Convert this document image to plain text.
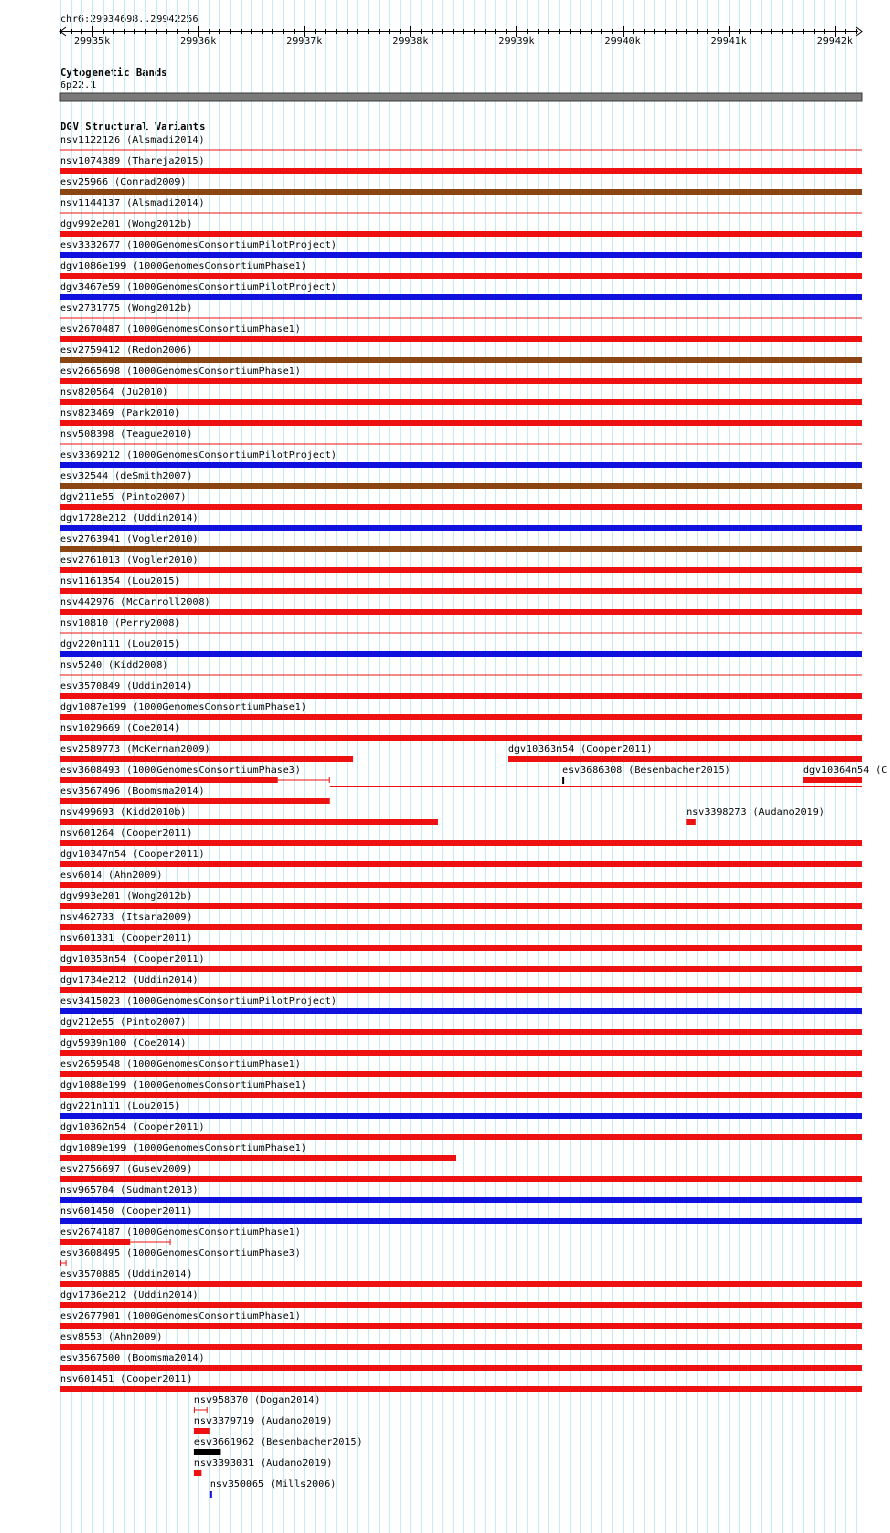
chr6:29934698..29942256
Cytogenetic Bands
6p22.1
DGV Structural Variants
29935k	29936k	29937k	29938k	29939k	29940k	29941k	29942k
nsv1122126 (Alsmadi2014)
nsv1074389 (Thareja2015)
esv25966 (Conrad2009)
nsv1144137 (Alsmadi2014)
dgv992e201 (Wong2012b)
esv3332677 (1000GenomesConsortiumPilotProject)
dgv1086e199 (1000GenomesConsortiumPhase1)
dgv3467e59 (1000GenomesConsortiumPilotProject)
esv2731775 (Wong2012b)
esv2670487 (1000GenomesConsortiumPhase1)
esv2759412 (Redon2006)
esv2665698 (1000GenomesConsortiumPhase1)
nsv820564 (Ju2010)
nsv823469 (Park2010)
nsv508398 (Teague2010)
esv3369212 (1000GenomesConsortiumPilotProject)
esv32544 (deSmith2007)
dgv211e55 (Pinto2007)
dgv1728e212 (Uddin2014)
esv2763941 (Vogler2010)
esv2761013 (Vogler2010)
nsv1161354 (Lou2015)
nsv442976 (McCarroll2008)
nsv10810 (Perry2008)
dgv220n111 (Lou2015)
nsv5240 (Kidd2008)
esv3570849 (Uddin2014)
dgv1087e199 (1000GenomesConsortiumPhase1)
nsv1029669 (Coe2014)
esv2589773 (McKernan2009)	dgv10363n54 (Cooper2011)
esv3608493 (1000GenomesConsortiumPhase3)	esv3686308 (Besenbacher2015)	dgv10364n54 (C
esv3567496 (Boomsma2014)
nsv499693 (Kidd2010b)	nsv3398273 (Audano2019)
nsv601264 (Cooper2011)
dgv10347n54 (Cooper2011)
esv6014 (Ahn2009)
dgv993e201 (Wong2012b)
nsv462733 (Itsara2009)
nsv601331 (Cooper2011)
dgv10353n54 (Cooper2011)
dgv1734e212 (Uddin2014)
esv3415023 (1000GenomesConsortiumPilotProject)
dgv212e55 (Pinto2007)
dgv5939n100 (Coe2014)
esv2659548 (1000GenomesConsortiumPhase1)
dgv1088e199 (1000GenomesConsortiumPhase1)
dgv221n111 (Lou2015)
dgv10362n54 (Cooper2011)
dgv1089e199 (1000GenomesConsortiumPhase1)
esv2756697 (Gusev2009)
nsv965704 (Sudmant2013)
nsv601450 (Cooper2011)
esv2674187 (1000GenomesConsortiumPhase1)
esv3608495 (1000GenomesConsortiumPhase3)
esv3570885 (Uddin2014)
dgv1736e212 (Uddin2014)
esv2677901 (1000GenomesConsortiumPhase1)
esv8553 (Ahn2009)
esv3567500 (Boomsma2014)
nsv601451 (Cooper2011)
nsv958370 (Dogan2014)
nsv3379719 (Audano2019)
esv3661962 (Besenbacher2015)
nsv3393031 (Audano2019)
nsv350065 (Mills2006)
